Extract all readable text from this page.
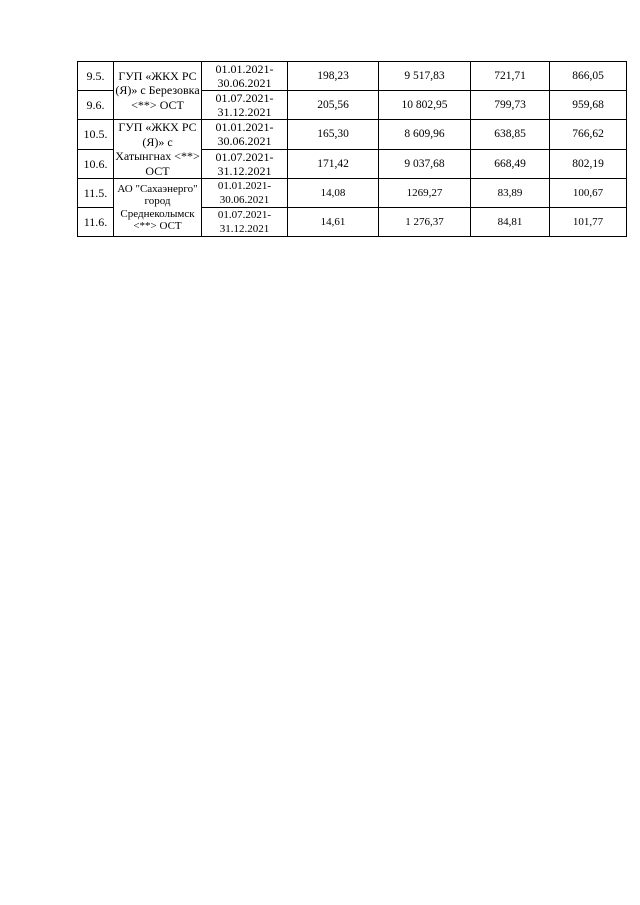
9.5.	ГУП «ЖКХ РС (Я)» с Березовка <**> ОСТ	01.01.2021-
30.06.2021	198,23	9 517,83	721,71	866,05
9.6.		01.07.2021-
31.12.2021	205,56	10 802,95	799,73	959,68
10.5.	ГУП «ЖКХ РС (Я)» с Хатынгнах <**> ОСТ	01.01.2021-
30.06.2021	165,30	8 609,96	638,85	766,62
10.6.		01.07.2021-
31.12.2021	171,42	9 037,68	668,49	802,19
11.5.	АО "Сахаэнерго" город Среднеколымск <**> ОСТ	01.01.2021-
30.06.2021	14,08	1269,27	83,89	100,67
11.6.		01.07.2021-
31.12.2021	14,61	1 276,37	84,81	101,77
